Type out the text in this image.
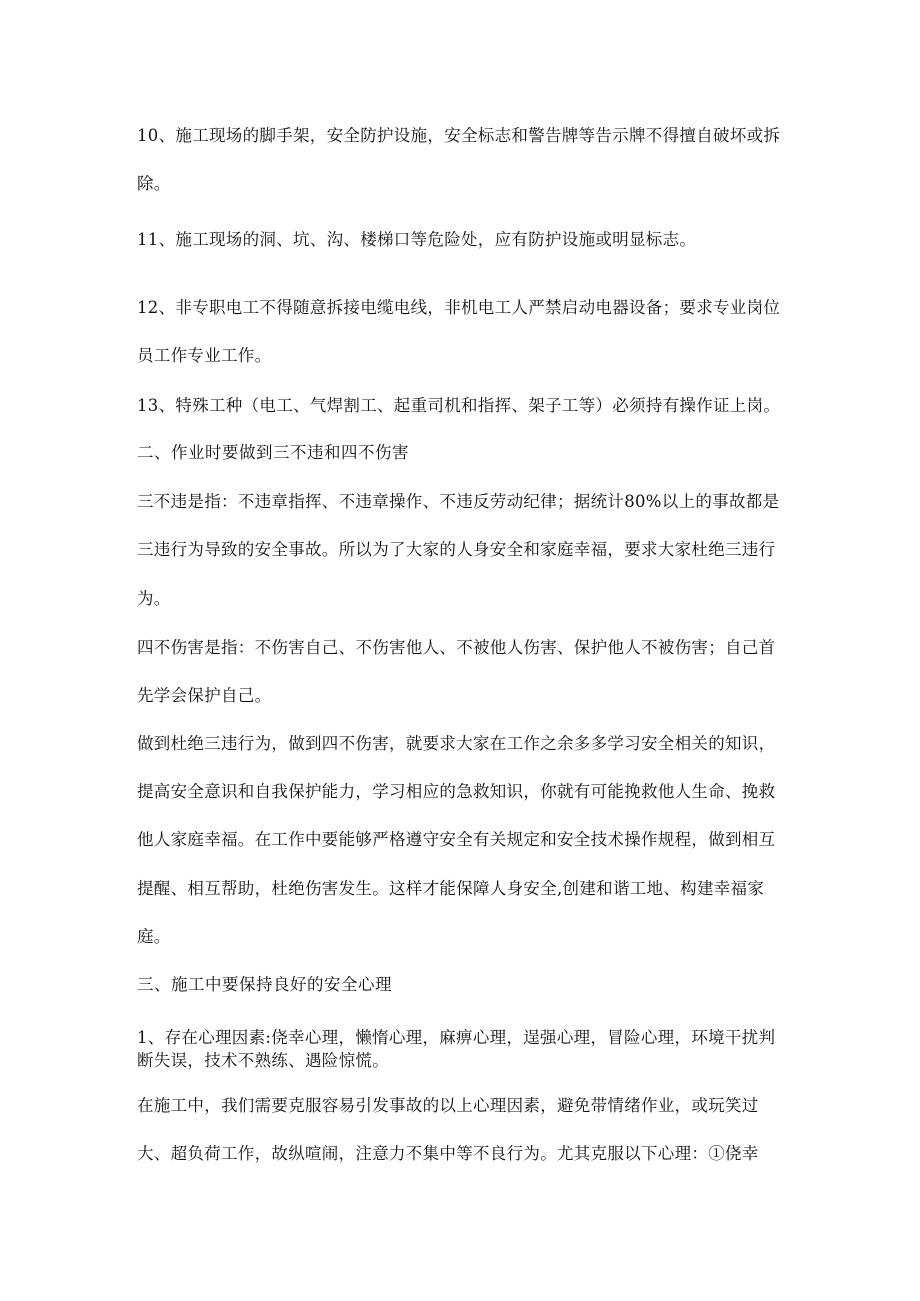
10、施工现场的脚手架，安全防护设施，安全标志和警告牌等告示牌不得擅自破坏或拆
除。
11、施工现场的洞、坑、沟、楼梯口等危险处，应有防护设施或明显标志。
12、非专职电工不得随意拆接电缆电线，非机电工人严禁启动电器设备；要求专业岗位
员工作专业工作。
13、特殊工种（电工、气焊割工、起重司机和指挥、架子工等）必须持有操作证上岗。
二、作业时要做到三不违和四不伤害
三不违是指：不违章指挥、不违章操作、不违反劳动纪律；据统计80%以上的事故都是
三违行为导致的安全事故。所以为了大家的人身安全和家庭幸福，要求大家杜绝三违行
为。
四不伤害是指：不伤害自己、不伤害他人、不被他人伤害、保护他人不被伤害；自己首
先学会保护自己。
做到杜绝三违行为，做到四不伤害，就要求大家在工作之余多多学习安全相关的知识，
提高安全意识和自我保护能力，学习相应的急救知识，你就有可能挽救他人生命、挽救
他人家庭幸福。在工作中要能够严格遵守安全有关规定和安全技术操作规程，做到相互
提醒、相互帮助，杜绝伤害发生。这样才能保障人身安全,创建和谐工地、构建幸福家
庭。
三、施工中要保持良好的安全心理
1、存在心理因素:侥幸心理，懒惰心理，麻痹心理，逞强心理，冒险心理，环境干扰判
断失误，技术不熟练、遇险惊慌。
在施工中，我们需要克服容易引发事故的以上心理因素，避免带情绪作业，或玩笑过
大、超负荷工作，故纵喧闹，注意力不集中等不良行为。尤其克服以下心理：①侥幸
